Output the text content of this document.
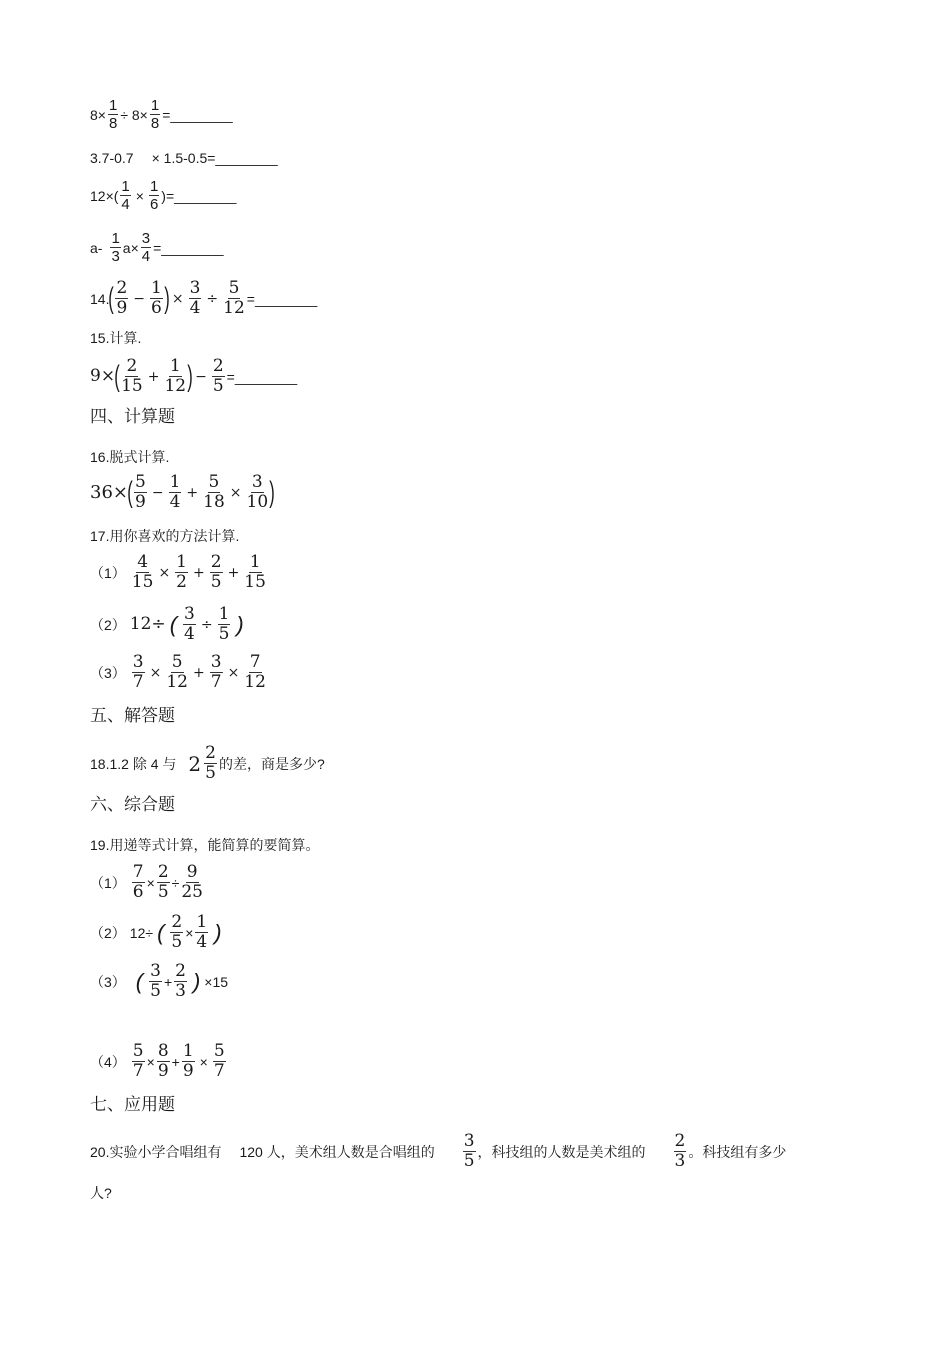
$8\times \frac{1}{8} \div 8\times \frac{1}{8}$ =________
3.7-0.7 × 1.5-0.5=________
$12\times( \frac{1}{4} \times \frac{1}{6}$ )=________
$a- \frac{1}{3} a\times \frac{3}{4}$ =________
14. ( $\frac{2}{9} - \frac{1}{6}$ ) × $\frac{3}{4} \div \frac{5}{12}$ =________
15.计算.
9× ( $\frac{2}{15} + \frac{1}{12}$ ) − $\frac{2}{5}$ =________
四、计算题
16.脱式计算.
36× ( $\frac{5}{9} - \frac{1}{4} + \frac{5}{18} \times \frac{3}{10}$ )
17.用你喜欢的方法计算.
$(1) \frac{4}{15} \times \frac{1}{2} + \frac{2}{5} + \frac{1}{15}$
（2） 12÷ ( $\frac{3}{4} \div \frac{1}{5}$ )
$(3) \frac{3}{7} \times \frac{5}{12} + \frac{3}{7} \times \frac{7}{12}$
五、解答题
18.1.2 除 4 与 $2 \frac{2}{5}$ 的差，商是多少?
六、综合题
19.用递等式计算，能简算的要简算。
$(1) \frac{7}{6} \times \frac{2}{5} \div \frac{9}{25}$
（2） 12÷ ( $\frac{2}{5} \times \frac{1}{4}$ )
（3） ( $\frac{3}{5} + \frac{2}{3}$ ) ×15
$(4) \frac{5}{7} \times \frac{8}{9} + \frac{1}{9} \times \frac{5}{7}$
七、应用题
20.实验小学合唱组有 120 人，美术组人数是合唱组的 $\frac{3}{5}$ ，科技组的人数是美术组的 $\frac{2}{3}$ 。科技组有多少
人?
